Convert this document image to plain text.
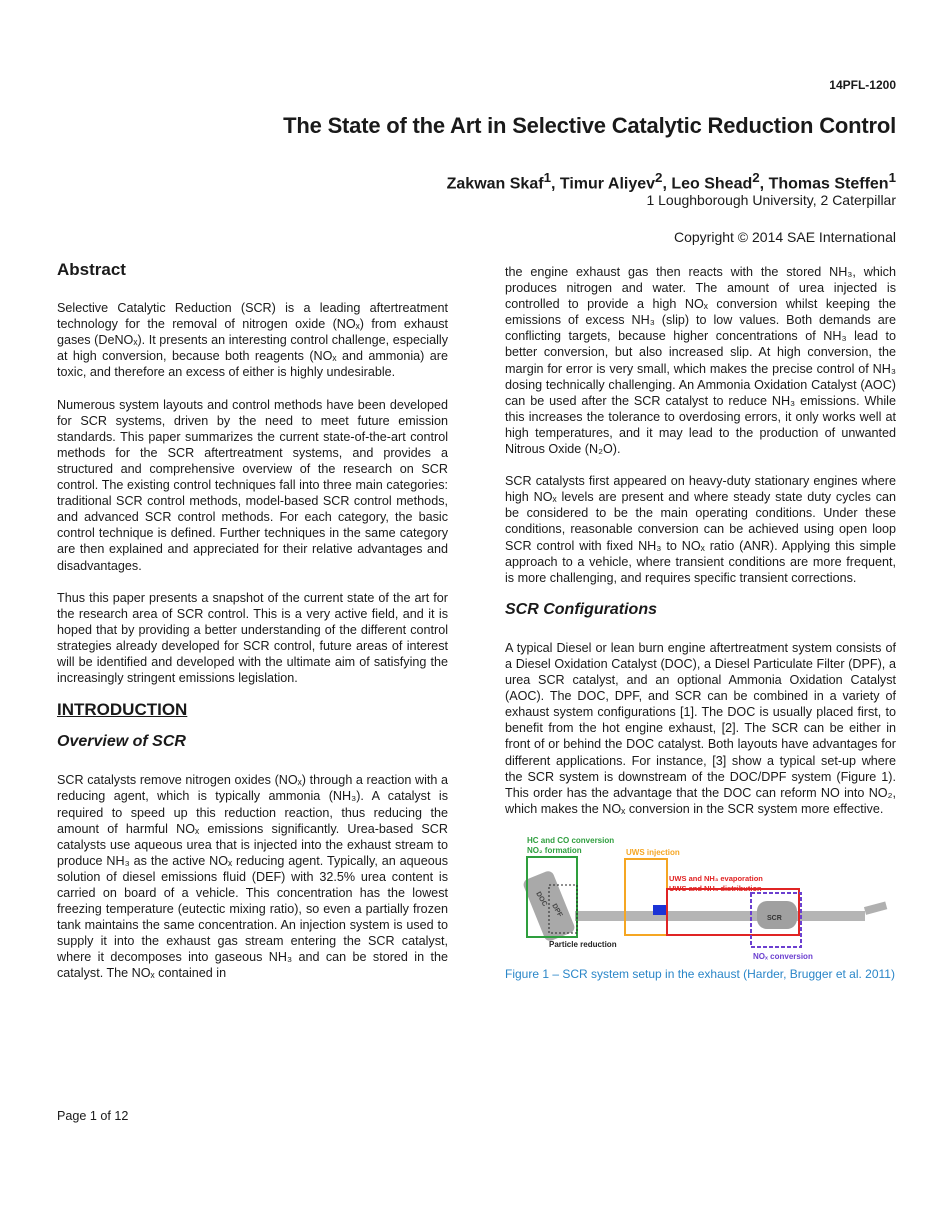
14PFL-1200
The State of the Art in Selective Catalytic Reduction Control
Zakwan Skaf$^1$, Timur Aliyev$^2$, Leo Shead$^2$, Thomas Steffen$^1$
1 Loughborough University, 2 Caterpillar
Copyright © 2014 SAE International
Abstract

Selective Catalytic Reduction (SCR) is a leading aftertreatment technology for the removal of nitrogen oxide (NOₓ) from exhaust gases (DeNOₓ). It presents an interesting control challenge, especially at high conversion, because both reagents (NOₓ and ammonia) are toxic, and therefore an excess of either is highly undesirable.

Numerous system layouts and control methods have been developed for SCR systems, driven by the need to meet future emission standards. This paper summarizes the current state-of-the-art control methods for the SCR aftertreatment systems, and provides a structured and comprehensive overview of the research on SCR control. The existing control techniques fall into three main categories: traditional SCR control methods, model-based SCR control methods, and advanced SCR control methods. For each category, the basic control technique is defined. Further techniques in the same category are then explained and appreciated for their relative advantages and disadvantages.

Thus this paper presents a snapshot of the current state of the art for the research area of SCR control. This is a very active field, and it is hoped that by providing a better understanding of the different control strategies already developed for SCR control, future areas of interest will be identified and developed with the ultimate aim of satisfying the increasingly stringent emissions legislation.

INTRODUCTION
Overview of SCR

SCR catalysts remove nitrogen oxides (NOₓ) through a reaction with a reducing agent, which is typically ammonia (NH₃). A catalyst is required to speed up this reduction reaction, thus reducing the amount of harmful NOₓ emissions significantly. Urea-based SCR catalysts use aqueous urea that is injected into the exhaust stream to produce NH₃ as the active NOₓ reducing agent. Typically, an aqueous solution of diesel emissions fluid (DEF) with 32.5% urea content is carried on board of a vehicle. This concentration has the lowest freezing temperature (eutectic mixing ratio), so even a partially frozen tank maintains the same concentration. An injection system is used to supply it into the exhaust gas stream entering the SCR catalyst, where it decomposes into gaseous NH₃ and can be stored in the catalyst. The NOₓ contained in

the engine exhaust gas then reacts with the stored NH₃, which produces nitrogen and water. The amount of urea injected is controlled to provide a high NOₓ conversion whilst keeping the emissions of excess NH₃ (slip) to low values. Both demands are conflicting targets, because higher concentrations of NH₃ lead to better conversion, but also increased slip. At high conversion, the margin for error is very small, which makes the precise control of NH₃ dosing technically challenging. An Ammonia Oxidation Catalyst (AOC) can be used after the SCR catalyst to reduce NH₃ emissions. While this increases the tolerance to overdosing errors, it only works well at high temperatures, and it may lead to the production of unwanted Nitrous Oxide (N₂O).

SCR catalysts first appeared on heavy-duty stationary engines where high NOₓ levels are present and where steady state duty cycles can be considered to be the main operating conditions. Under these conditions, reasonable conversion can be achieved using open loop SCR control with fixed NH₃ to NOₓ ratio (ANR). Applying this simple approach to a vehicle, where transient conditions are more frequent, is more challenging, and requires specific transient corrections.

SCR Configurations

A typical Diesel or lean burn engine aftertreatment system consists of a Diesel Oxidation Catalyst (DOC), a Diesel Particulate Filter (DPF), a urea SCR catalyst, and an optional Ammonia Oxidation Catalyst (AOC). The DOC, DPF, and SCR can be combined in a variety of exhaust system configurations [1]. The DOC is usually placed first, to benefit from the hot engine exhaust, [2]. The SCR can be either in front of or behind the DOC catalyst. Both layouts have advantages for different applications. For instance, [3] show a typical set-up where the SCR system is downstream of the DOC/DPF system (Figure 1). This order has the advantage that the DOC can reform NO into NO₂, which makes the NOₓ conversion in the SCR system more effective.

DOC
DPF
SCR
HC and CO conversion
NO₂ formation	UWS injection
UWS and NH₃ evaporation
UWS and NH₃ distribution
Particle reduction
NOₓ conversion
Figure 1 – SCR system setup in the exhaust (Harder, Brugger et al. 2011)
Page 1 of 12
